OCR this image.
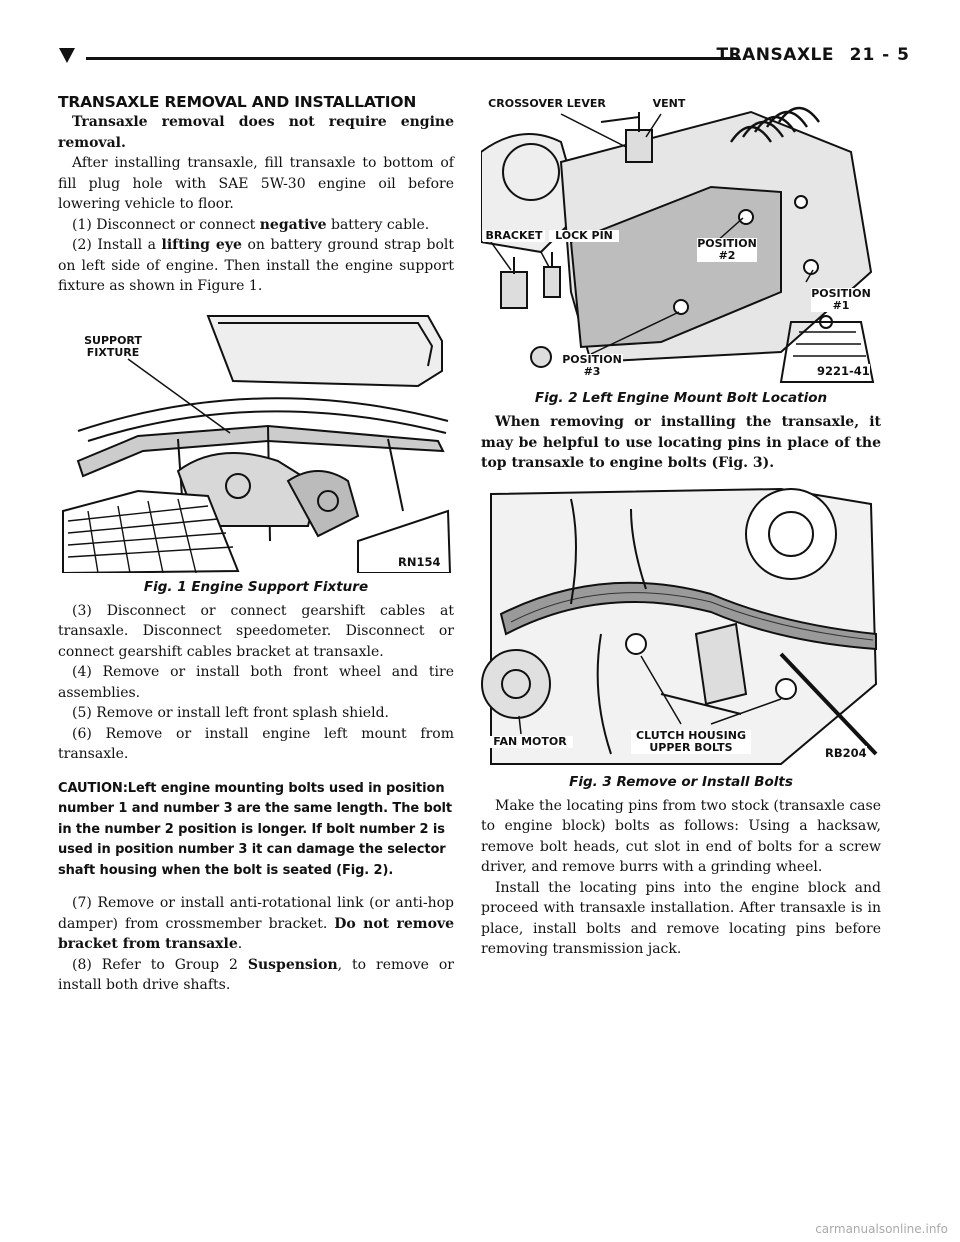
TRANSAXLE 21 - 5
TRANSAXLE REMOVAL AND INSTALLATION

Transaxle removal does not require engine removal.

After installing transaxle, fill transaxle to bottom of fill plug hole with SAE 5W-30 engine oil before lowering vehicle to floor.

(1) Disconnect or connect negative battery cable.

(2) Install a lifting eye on battery ground strap bolt on left side of engine. Then install the engine support fixture as shown in Figure 1.

SUPPORT FIXTURE
RN154
Fig. 1 Engine Support Fixture

(3) Disconnect or connect gearshift cables at transaxle. Disconnect speedometer. Disconnect or connect gearshift cables bracket at transaxle.

(4) Remove or install both front wheel and tire assemblies.

(5) Remove or install left front splash shield.

(6) Remove or install engine left mount from transaxle.

CAUTION:Left engine mounting bolts used in position number 1 and number 3 are the same length. The bolt in the number 2 position is longer. If bolt number 2 is used in position number 3 it can damage the selector shaft housing when the bolt is seated (Fig. 2).

(7) Remove or install anti-rotational link (or anti-hop damper) from crossmember bracket. Do not remove bracket from transaxle.

(8) Refer to Group 2 Suspension, to remove or install both drive shafts.

CROSSOVER LEVER	VENT
POSITION #2
BRACKET	LOCK PIN
POSITION #1
POSITION #3	9221-41
Fig. 2 Left Engine Mount Bolt Location

When removing or installing the transaxle, it may be helpful to use locating pins in place of the top transaxle to engine bolts (Fig. 3).

FAN MOTOR	CLUTCH HOUSING UPPER BOLTS	RB204
Fig. 3 Remove or Install Bolts

Make the locating pins from two stock (transaxle case to engine block) bolts as follows: Using a hacksaw, remove bolt heads, cut slot in end of bolts for a screw driver, and remove burrs with a grinding wheel.

Install the locating pins into the engine block and proceed with transaxle installation. After transaxle is in place, install bolts and remove locating pins before removing transmission jack.

carmanualsonline.info
